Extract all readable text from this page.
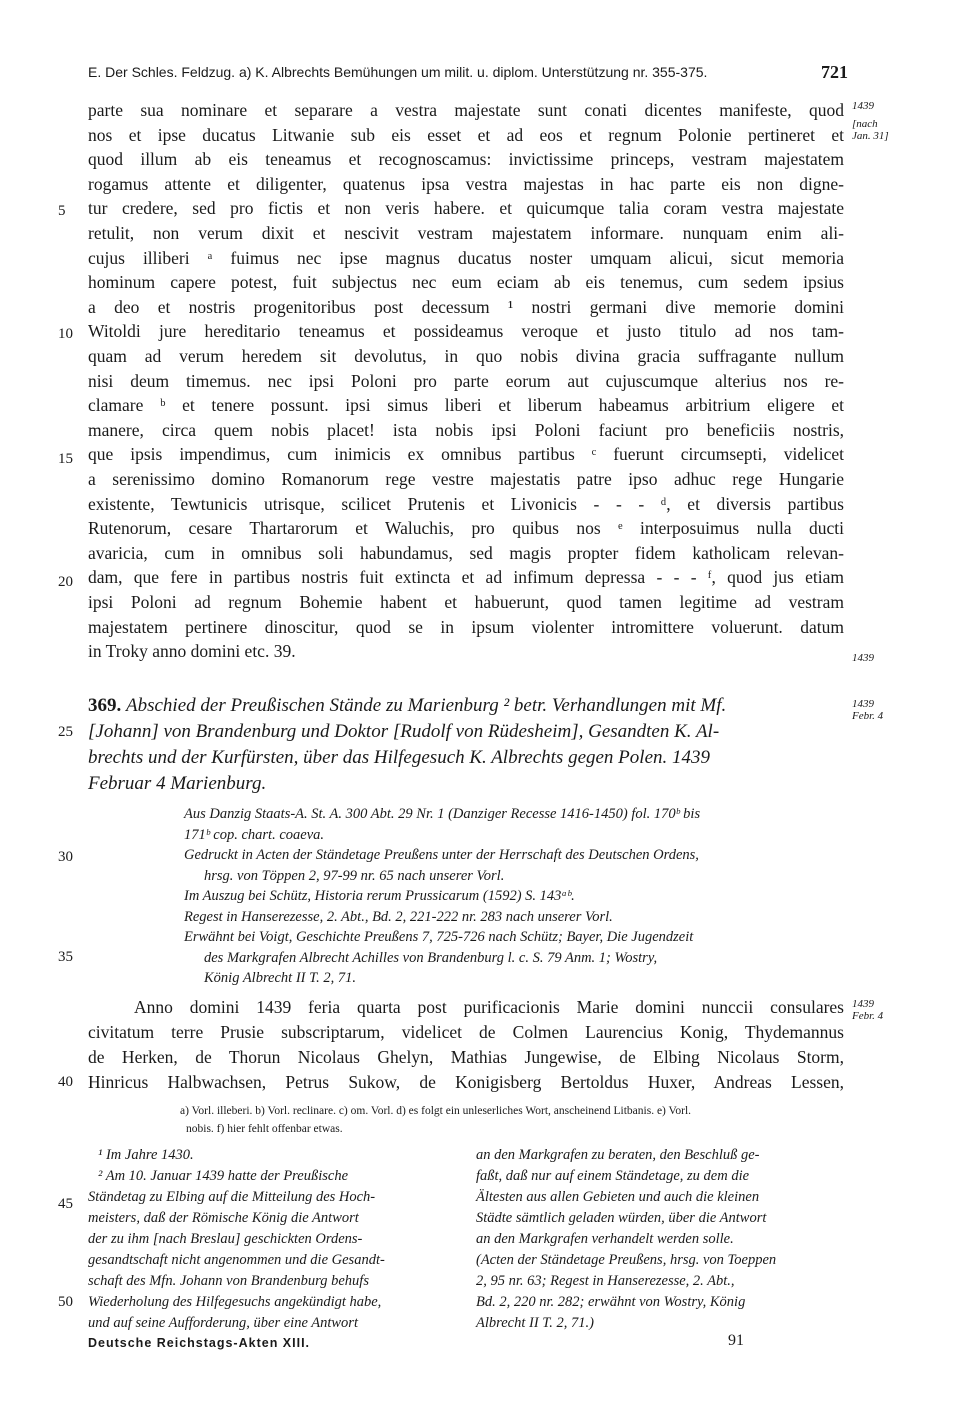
E. Der Schles. Feldzug. a) K. Albrechts Bemühungen um milit. u. diplom. Unterstützung nr. 355-375.	721
1439
[nach
Jan. 31]
parte sua nominare et separare a vestra majestate sunt conati dicentes manifeste, quod
nos et ipse ducatus Litwanie sub eis esset et ad eos et regnum Polonie pertineret et
quod illum ab eis teneamus et recognoscamus: invictissime princeps, vestram majestatem
rogamus attente et diligenter, quatenus ipsa vestra majestas in hac parte eis non digne-
tur credere, sed pro fictis et non veris habere. et quicumque talia coram vestra majestate
retulit, non verum dixit et nescivit vestram majestatem informare. nunquam enim ali-
cujus illiberi ᵃ fuimus nec ipse magnus ducatus noster umquam alicui, sicut memoria
hominum capere potest, fuit subjectus nec eum eciam ab eis tenemus, cum sedem ipsius
a deo et nostris progenitoribus post decessum ¹ nostri germani dive memorie domini
Witoldi jure hereditario teneamus et possideamus veroque et justo titulo ad nos tam-
quam ad verum heredem sit devolutus, in quo nobis divina gracia suffragante nullum
nisi deum timemus. nec ipsi Poloni pro parte eorum aut cujuscumque alterius nos re-
clamare ᵇ et tenere possunt. ipsi simus liberi et liberum habeamus arbitrium eligere et
manere, circa quem nobis placet! ista nobis ipsi Poloni faciunt pro beneficiis nostris,
que ipsis impendimus, cum inimicis ex omnibus partibus ᶜ fuerunt circumsepti, videlicet
a serenissimo domino Romanorum rege vestre majestatis patre ipso adhuc rege Hungarie
existente, Tewtunicis utrisque, scilicet Prutenis et Livonicis - - - ᵈ, et diversis partibus
Rutenorum, cesare Thartarorum et Waluchis, pro quibus nos ᵉ interposuimus nulla ducti
avaricia, cum in omnibus soli habundamus, sed magis propter fidem katholicam relevan-
dam, que fere in partibus nostris fuit extincta et ad infimum depressa - - - ᶠ, quod jus etiam
ipsi Poloni ad regnum Bohemie habent et habuerunt, quod tamen legitime ad vestram
majestatem pertinere dinoscitur, quod se in ipsum violenter intromittere voluerunt. datum
in Troky anno domini etc. 39.	1439
5
10
15
20
25
30
35
40
45
50
369. Abschied der Preußischen Stände zu Marienburg ² betr. Verhandlungen mit Mf.
[Johann] von Brandenburg und Doktor [Rudolf von Rüdesheim], Gesandten K. Al-
brechts und der Kurfürsten, über das Hilfegesuch K. Albrechts gegen Polen. 1439
Februar 4 Marienburg.
1439
Febr. 4
Aus Danzig Staats-A. St. A. 300 Abt. 29 Nr. 1 (Danziger Recesse 1416-1450) fol. 170ᵇ bis
171ᵇ cop. chart. coaeva.
Gedruckt in Acten der Ständetage Preußens unter der Herrschaft des Deutschen Ordens,
hrsg. von Töppen 2, 97-99 nr. 65 nach unserer Vorl.
Im Auszug bei Schütz, Historia rerum Prussicarum (1592) S. 143ᵃᵇ.
Regest in Hanserezesse, 2. Abt., Bd. 2, 221-222 nr. 283 nach unserer Vorl.
Erwähnt bei Voigt, Geschichte Preußens 7, 725-726 nach Schütz; Bayer, Die Jugendzeit
des Markgrafen Albrecht Achilles von Brandenburg l. c. S. 79 Anm. 1; Wostry,
König Albrecht II T. 2, 71.
Anno domini 1439 feria quarta post purificacionis Marie domini nunccii consulares
civitatum terre Prusie subscriptarum, videlicet de Colmen Laurencius Konig, Thydemannus
de Herken, de Thorun Nicolaus Ghelyn, Mathias Jungewise, de Elbing Nicolaus Storm,
Hinricus Halbwachsen, Petrus Sukow, de Konigisberg Bertoldus Huxer, Andreas Lessen,
1439
Febr. 4
a) Vorl. illeberi. b) Vorl. reclinare. c) om. Vorl. d) es folgt ein unleserliches Wort, anscheinend Litbanis. e) Vorl.
nobis. f) hier fehlt offenbar etwas.
¹ Im Jahre 1430.
² Am 10. Januar 1439 hatte der Preußische
Ständetag zu Elbing auf die Mitteilung des Hoch-
meisters, daß der Römische König die Antwort
der zu ihm [nach Breslau] geschickten Ordens-
gesandtschaft nicht angenommen und die Gesandt-
schaft des Mfn. Johann von Brandenburg behufs
Wiederholung des Hilfegesuchs angekündigt habe,
und auf seine Aufforderung, über eine Antwort
an den Markgrafen zu beraten, den Beschluß ge-
faßt, daß nur auf einem Ständetage, zu dem die
Ältesten aus allen Gebieten und auch die kleinen
Städte sämtlich geladen würden, über die Antwort
an den Markgrafen verhandelt werden solle.
(Acten der Ständetage Preußens, hrsg. von Toeppen
2, 95 nr. 63; Regest in Hanserezesse, 2. Abt.,
Bd. 2, 220 nr. 282; erwähnt von Wostry, König
Albrecht II T. 2, 71.)
Deutsche Reichstags-Akten XIII.	91
